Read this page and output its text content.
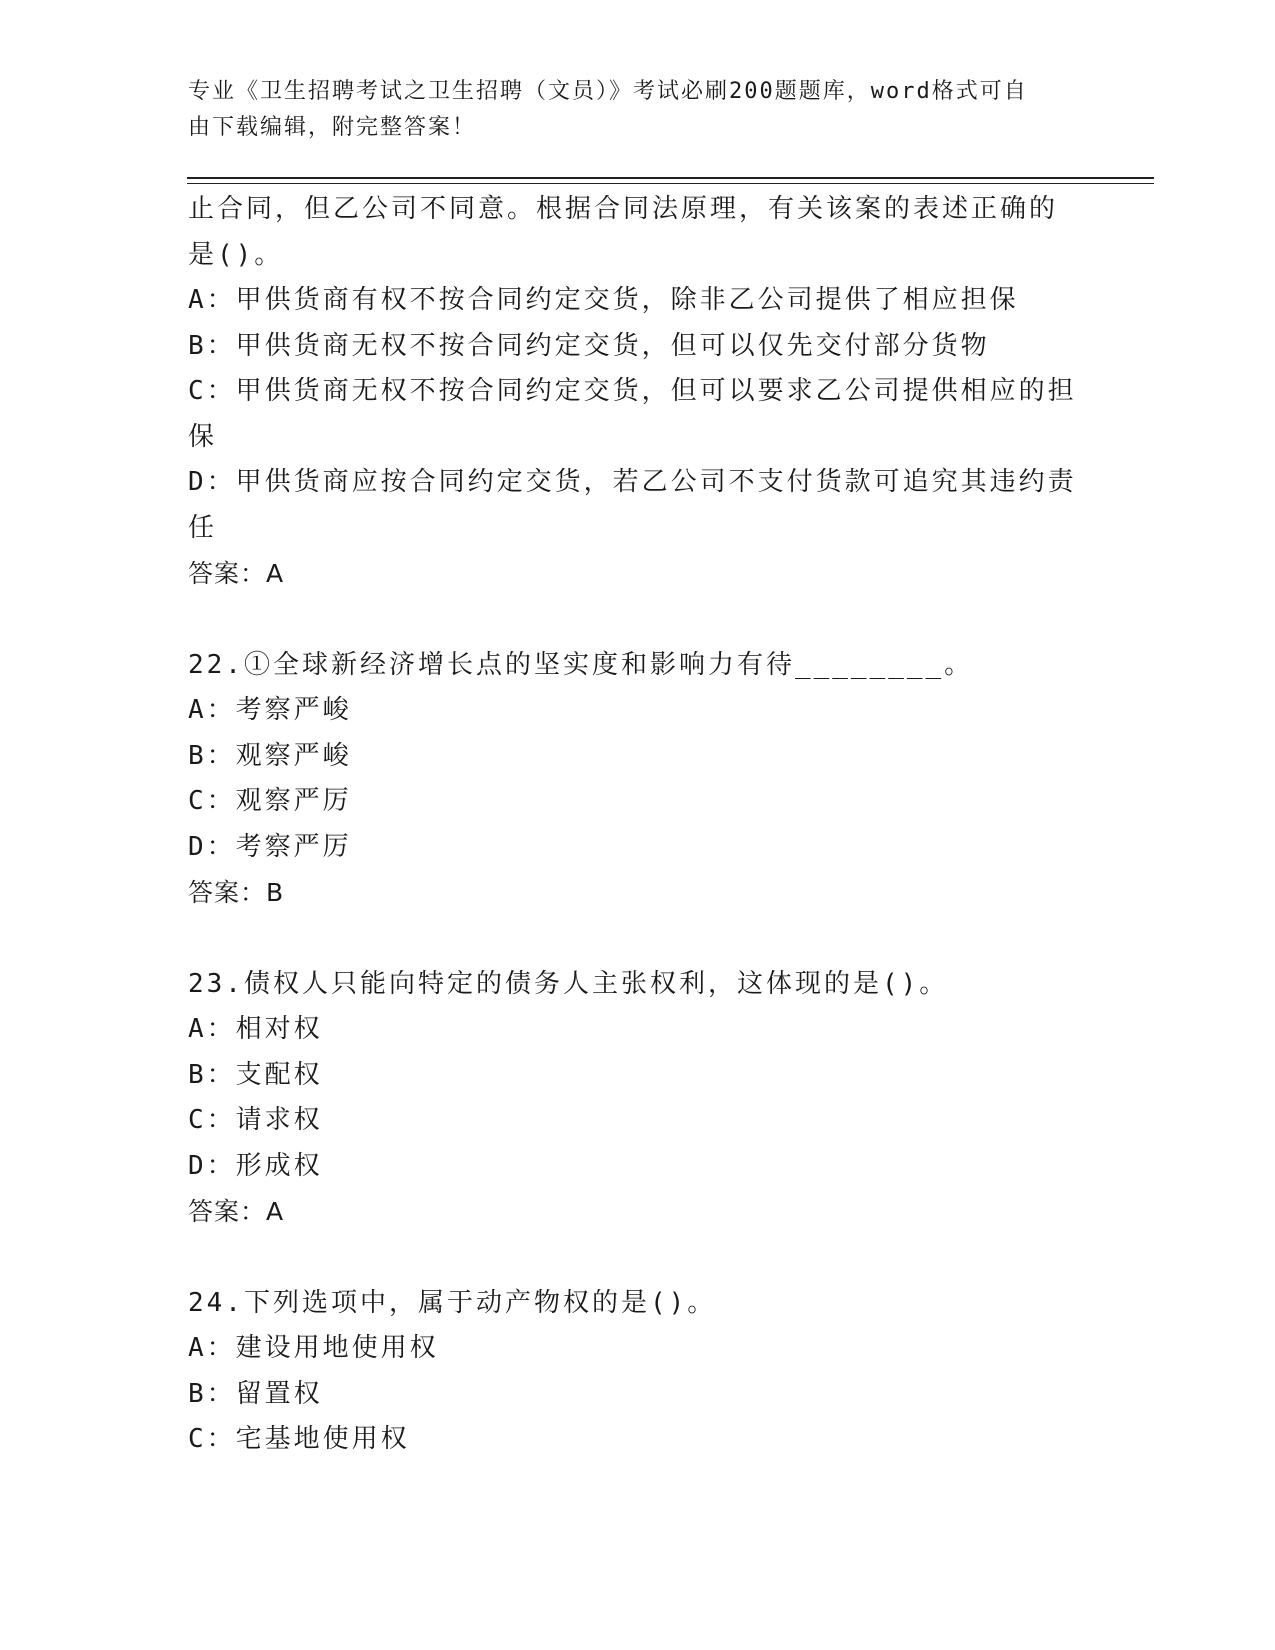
专业《卫生招聘考试之卫生招聘（文员）》考试必刷200题题库，word格式可自
由下载编辑，附完整答案！
止合同，但乙公司不同意。根据合同法原理，有关该案的表述正确的
是()。
A：甲供货商有权不按合同约定交货，除非乙公司提供了相应担保
B：甲供货商无权不按合同约定交货，但可以仅先交付部分货物
C：甲供货商无权不按合同约定交货，但可以要求乙公司提供相应的担
保
D：甲供货商应按合同约定交货，若乙公司不支付货款可追究其违约责
任
答案：A
22.①全球新经济增长点的坚实度和影响力有待________。
A：考察严峻
B：观察严峻
C：观察严厉
D：考察严厉
答案：B
23.债权人只能向特定的债务人主张权利，这体现的是()。
A：相对权
B：支配权
C：请求权
D：形成权
答案：A
24.下列选项中，属于动产物权的是()。
A：建设用地使用权
B：留置权
C：宅基地使用权
